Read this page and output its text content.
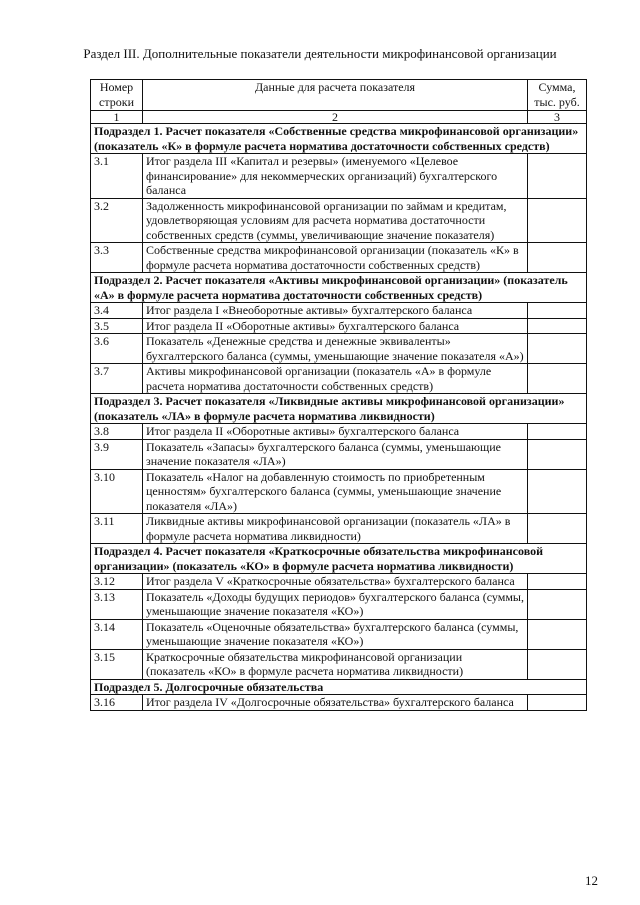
Раздел III. Дополнительные показатели деятельности микрофинансовой организации
Номер строки	Данные для расчета показателя	Сумма, тыс. руб.
1	2	3
Подраздел 1. Расчет показателя «Собственные средства микрофинансовой организации» (показатель «К» в формуле расчета норматива достаточности собственных средств)		
3.1	Итог раздела III «Капитал и резервы» (именуемого «Целевое финансирование» для некоммерческих организаций) бухгалтерского баланса	
3.2	Задолженность микрофинансовой организации по займам и кредитам, удовлетворяющая условиям для расчета норматива достаточности собственных средств (суммы, увеличивающие значение показателя)	
3.3	Собственные средства микрофинансовой организации (показатель «К» в формуле расчета норматива достаточности собственных средств)	
Подраздел 2. Расчет показателя «Активы микрофинансовой организации» (показатель «А» в формуле расчета норматива достаточности собственных средств)		
3.4	Итог раздела I «Внеоборотные активы» бухгалтерского баланса	
3.5	Итог раздела II «Оборотные активы» бухгалтерского баланса	
3.6	Показатель «Денежные средства и денежные эквиваленты» бухгалтерского баланса (суммы, уменьшающие значение показателя «А»)	
3.7	Активы микрофинансовой организации (показатель «А» в формуле расчета норматива достаточности собственных средств)	
Подраздел 3. Расчет показателя «Ликвидные активы микрофинансовой организации» (показатель «ЛА» в формуле расчета норматива ликвидности)		
3.8	Итог раздела II «Оборотные активы» бухгалтерского баланса	
3.9	Показатель «Запасы» бухгалтерского баланса (суммы, уменьшающие значение показателя «ЛА»)	
3.10	Показатель «Налог на добавленную стоимость по приобретенным ценностям» бухгалтерского баланса (суммы, уменьшающие значение показателя «ЛА»)	
3.11	Ликвидные активы микрофинансовой организации (показатель «ЛА» в формуле расчета норматива ликвидности)	
Подраздел 4. Расчет показателя «Краткосрочные обязательства микрофинансовой организации» (показатель «КО» в формуле расчета норматива ликвидности)		
3.12	Итог раздела V «Краткосрочные обязательства» бухгалтерского баланса	
3.13	Показатель «Доходы будущих периодов» бухгалтерского баланса (суммы, уменьшающие значение показателя «КО»)	
3.14	Показатель «Оценочные обязательства» бухгалтерского баланса (суммы, уменьшающие значение показателя «КО»)	
3.15	Краткосрочные обязательства микрофинансовой организации (показатель «КО» в формуле расчета норматива ликвидности)	
Подраздел 5. Долгосрочные обязательства		
3.16	Итог раздела IV «Долгосрочные обязательства» бухгалтерского баланса	
12
